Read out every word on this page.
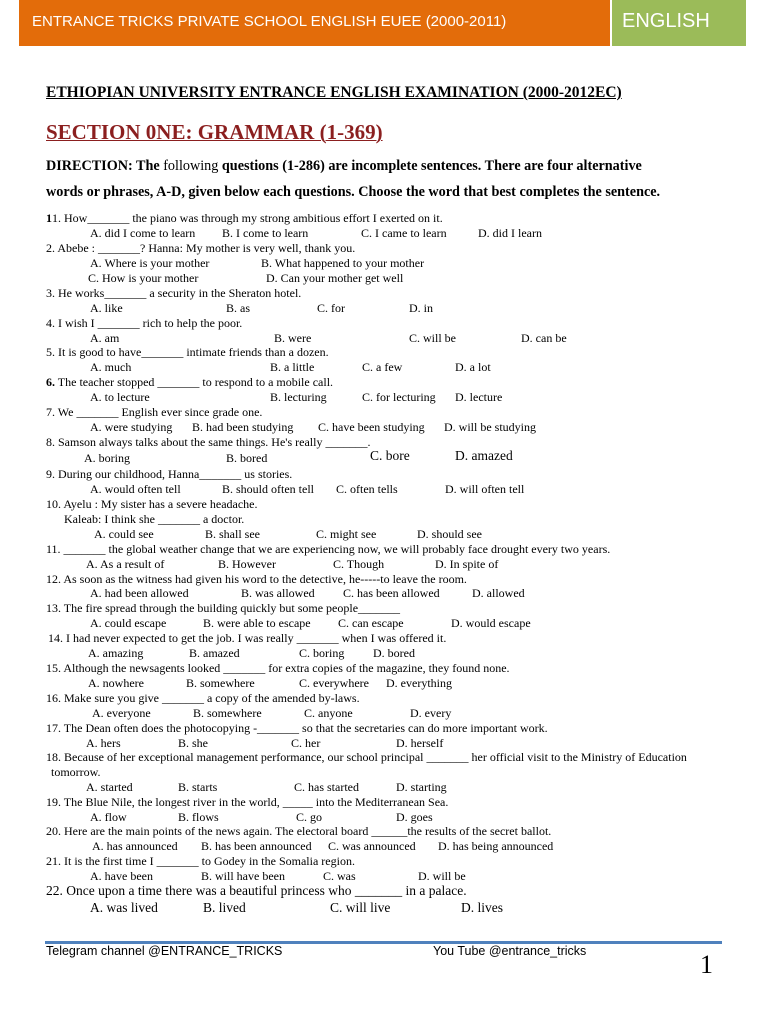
ENTRANCE TRICKS PRIVATE SCHOOL ENGLISH EUEE (2000-2011)	ENGLISH
ETHIOPIAN UNIVERSITY ENTRANCE ENGLISH EXAMINATION (2000-2012EC)
SECTION 0NE: GRAMMAR (1-369)
DIRECTION: The following questions (1-286) are incomplete sentences. There are four alternative
words or phrases, A-D, given below each questions. Choose the word that best completes the sentence.
11. How_______ the piano was through my strong ambitious effort I exerted on it.
A. did I come to learn B. I come to learn	C. I came to learn	D. did I learn
2. Abebe : _______? Hanna: My mother is very well, thank you.
A. Where is your mother	B. What happened to your mother
C. How is your mother	D. Can your mother get well
3. He works_______ a security in the Sheraton hotel.
A. like	B. as	C. for	D. in
4. I wish I _______ rich to help the poor.
A. am	B. were	C. will be	D. can be
5. It is good to have_______ intimate friends than a dozen.
A. much	B. a little	C. a few	D. a lot
6. The teacher stopped _______ to respond to a mobile call.
A. to lecture	B. lecturing	C. for lecturing D. lecture
7. We _______ English ever since grade one.
A. were studying B. had been studying C. have been studying D. will be studying
8. Samson always talks about the same things. He's really _______.
A. boring	B. bored	C. bore	D. amazed
9. During our childhood, Hanna_______ us stories.
A. would often tell	B. should often tell C. often tells	D. will often tell
10. Ayelu : My sister has a severe headache.
Kaleab: I think she _______ a doctor.
A. could see	B. shall see	C. might see	D. should see
11. _______ the global weather change that we are experiencing now, we will probably face drought every two years.
A. As a result of	B. However	C. Though	D. In spite of
12. As soon as the witness had given his word to the detective, he-----to leave the room.
A. had been allowed	B. was allowed C. has been allowed	D. allowed
13. The fire spread through the building quickly but some people_______
A. could escape	B. were able to escape C. can escape	D. would escape
14. I had never expected to get the job. I was really _______ when I was offered it.
A. amazing	B. amazed	C. boring D. bored
15. Although the newsagents looked _______ for extra copies of the magazine, they found none.
A. nowhere	B. somewhere	C. everywhere D. everything
16. Make sure you give _______ a copy of the amended by-laws.
A. everyone	B. somewhere	C. anyone	D. every
17. The Dean often does the photocopying -_______ so that the secretaries can do more important work.
A. hers	B. she	C. her	D. herself
18. Because of her exceptional management performance, our school principal _______ her official visit to the Ministry of Education
tomorrow.
A. started	B. starts	C. has started	D. starting
19. The Blue Nile, the longest river in the world, _____ into the Mediterranean Sea.
A. flow	B. flows	C. go	D. goes
20. Here are the main points of the news again. The electoral board ______the results of the secret ballot.
A. has announced B. has been announced C. was announced D. has being announced
21. It is the first time I _______ to Godey in the Somalia region.
A. have been	B. will have been	C. was	D. will be
22. Once upon a time there was a beautiful princess who _______ in a palace.
A. was lived	B. lived	C. will live	D. lives
Telegram channel @ENTRANCE_TRICKS	You Tube @entrance_tricks	1
